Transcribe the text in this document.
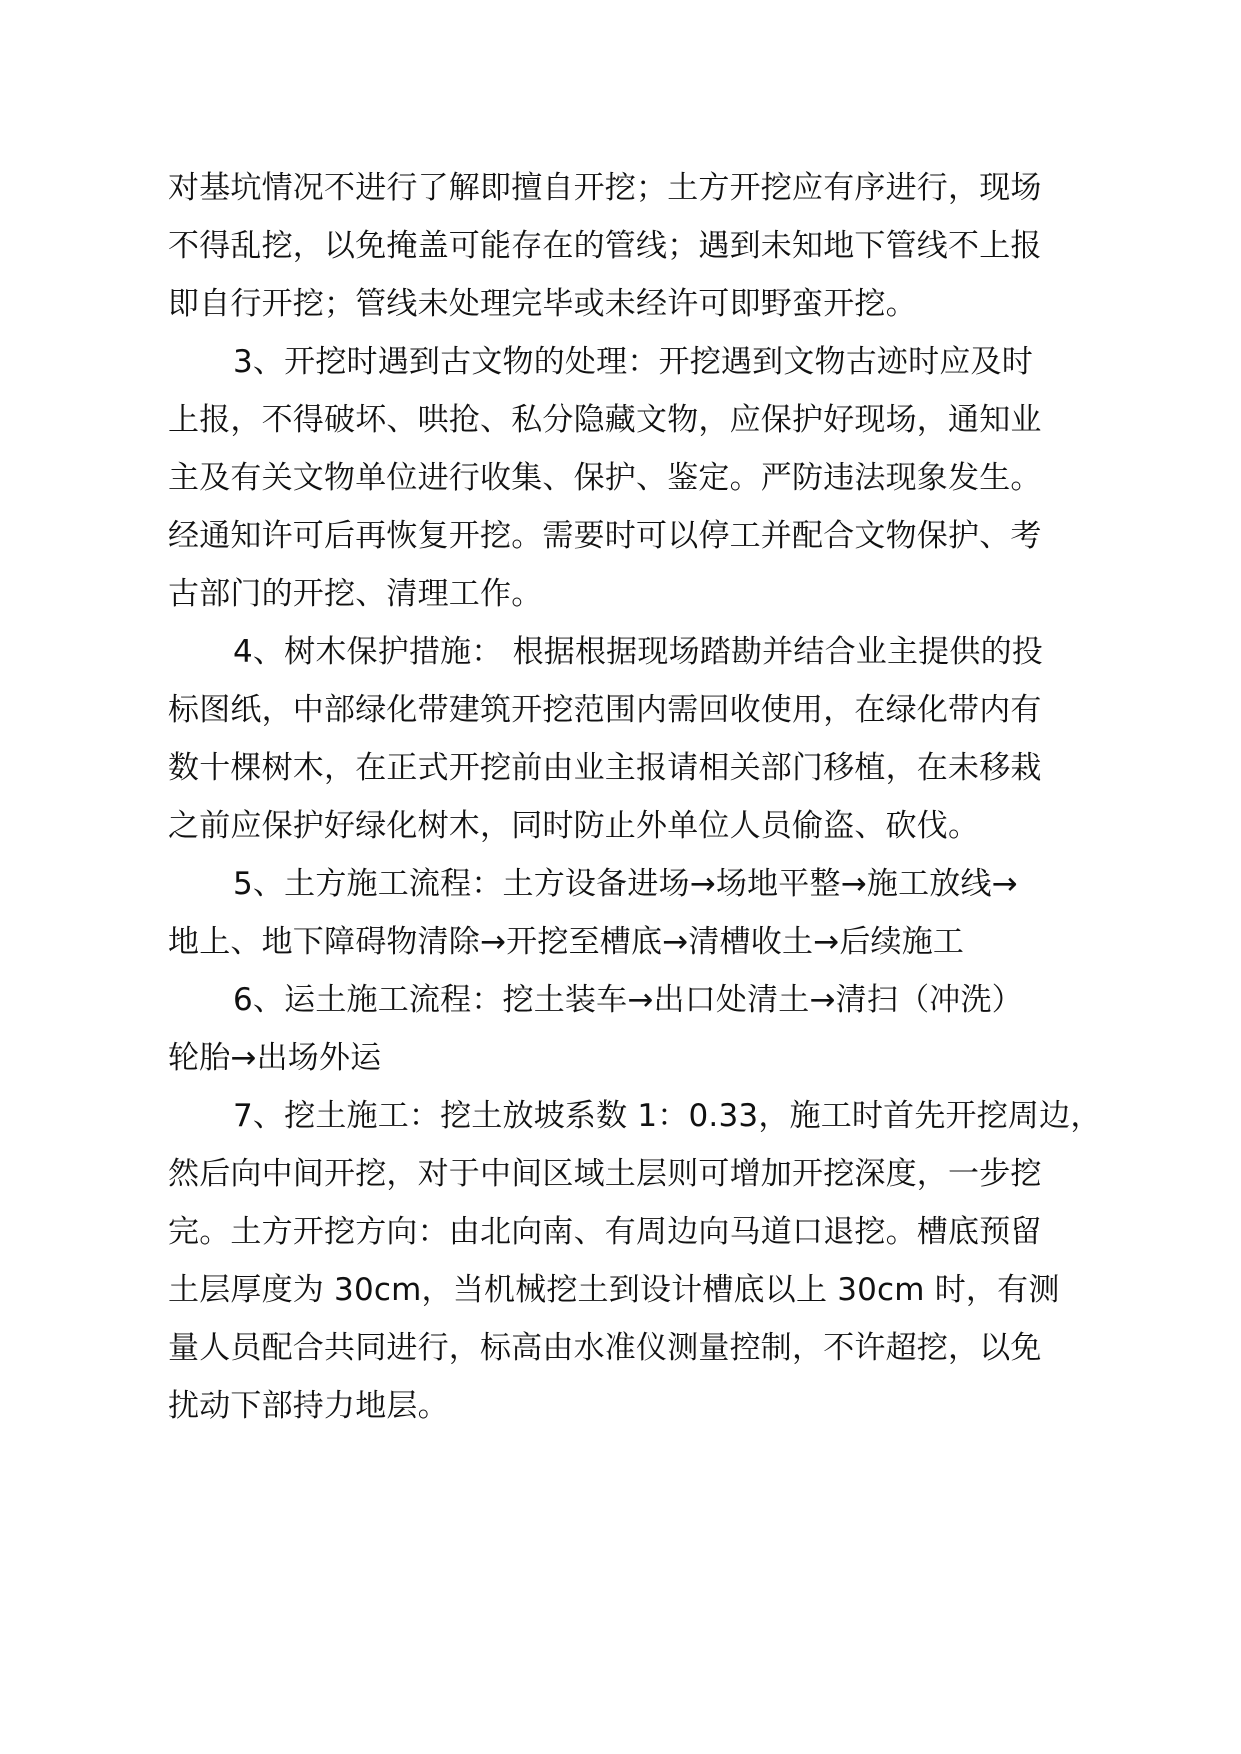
对基坑情况不进行了解即擅自开挖；土方开挖应有序进行，现场
不得乱挖，以免掩盖可能存在的管线；遇到未知地下管线不上报
即自行开挖；管线未处理完毕或未经许可即野蛮开挖。
3、开挖时遇到古文物的处理：开挖遇到文物古迹时应及时
上报，不得破坏、哄抢、私分隐藏文物，应保护好现场，通知业
主及有关文物单位进行收集、保护、鉴定。严防违法现象发生。
经通知许可后再恢复开挖。需要时可以停工并配合文物保护、考
古部门的开挖、清理工作。
4、树木保护措施： 根据根据现场踏勘并结合业主提供的投
标图纸，中部绿化带建筑开挖范围内需回收使用，在绿化带内有
数十棵树木，在正式开挖前由业主报请相关部门移植，在未移栽
之前应保护好绿化树木，同时防止外单位人员偷盗、砍伐。
5、土方施工流程：土方设备进场→场地平整→施工放线→
地上、地下障碍物清除→开挖至槽底→清槽收土→后续施工
6、运土施工流程：挖土装车→出口处清土→清扫（冲洗）
轮胎→出场外运
7、挖土施工：挖土放坡系数 1：0.33，施工时首先开挖周边，
然后向中间开挖，对于中间区域土层则可增加开挖深度，一步挖
完。土方开挖方向：由北向南、有周边向马道口退挖。槽底预留
土层厚度为 30cm，当机械挖土到设计槽底以上 30cm 时，有测
量人员配合共同进行，标高由水准仪测量控制，不许超挖，以免
扰动下部持力地层。
